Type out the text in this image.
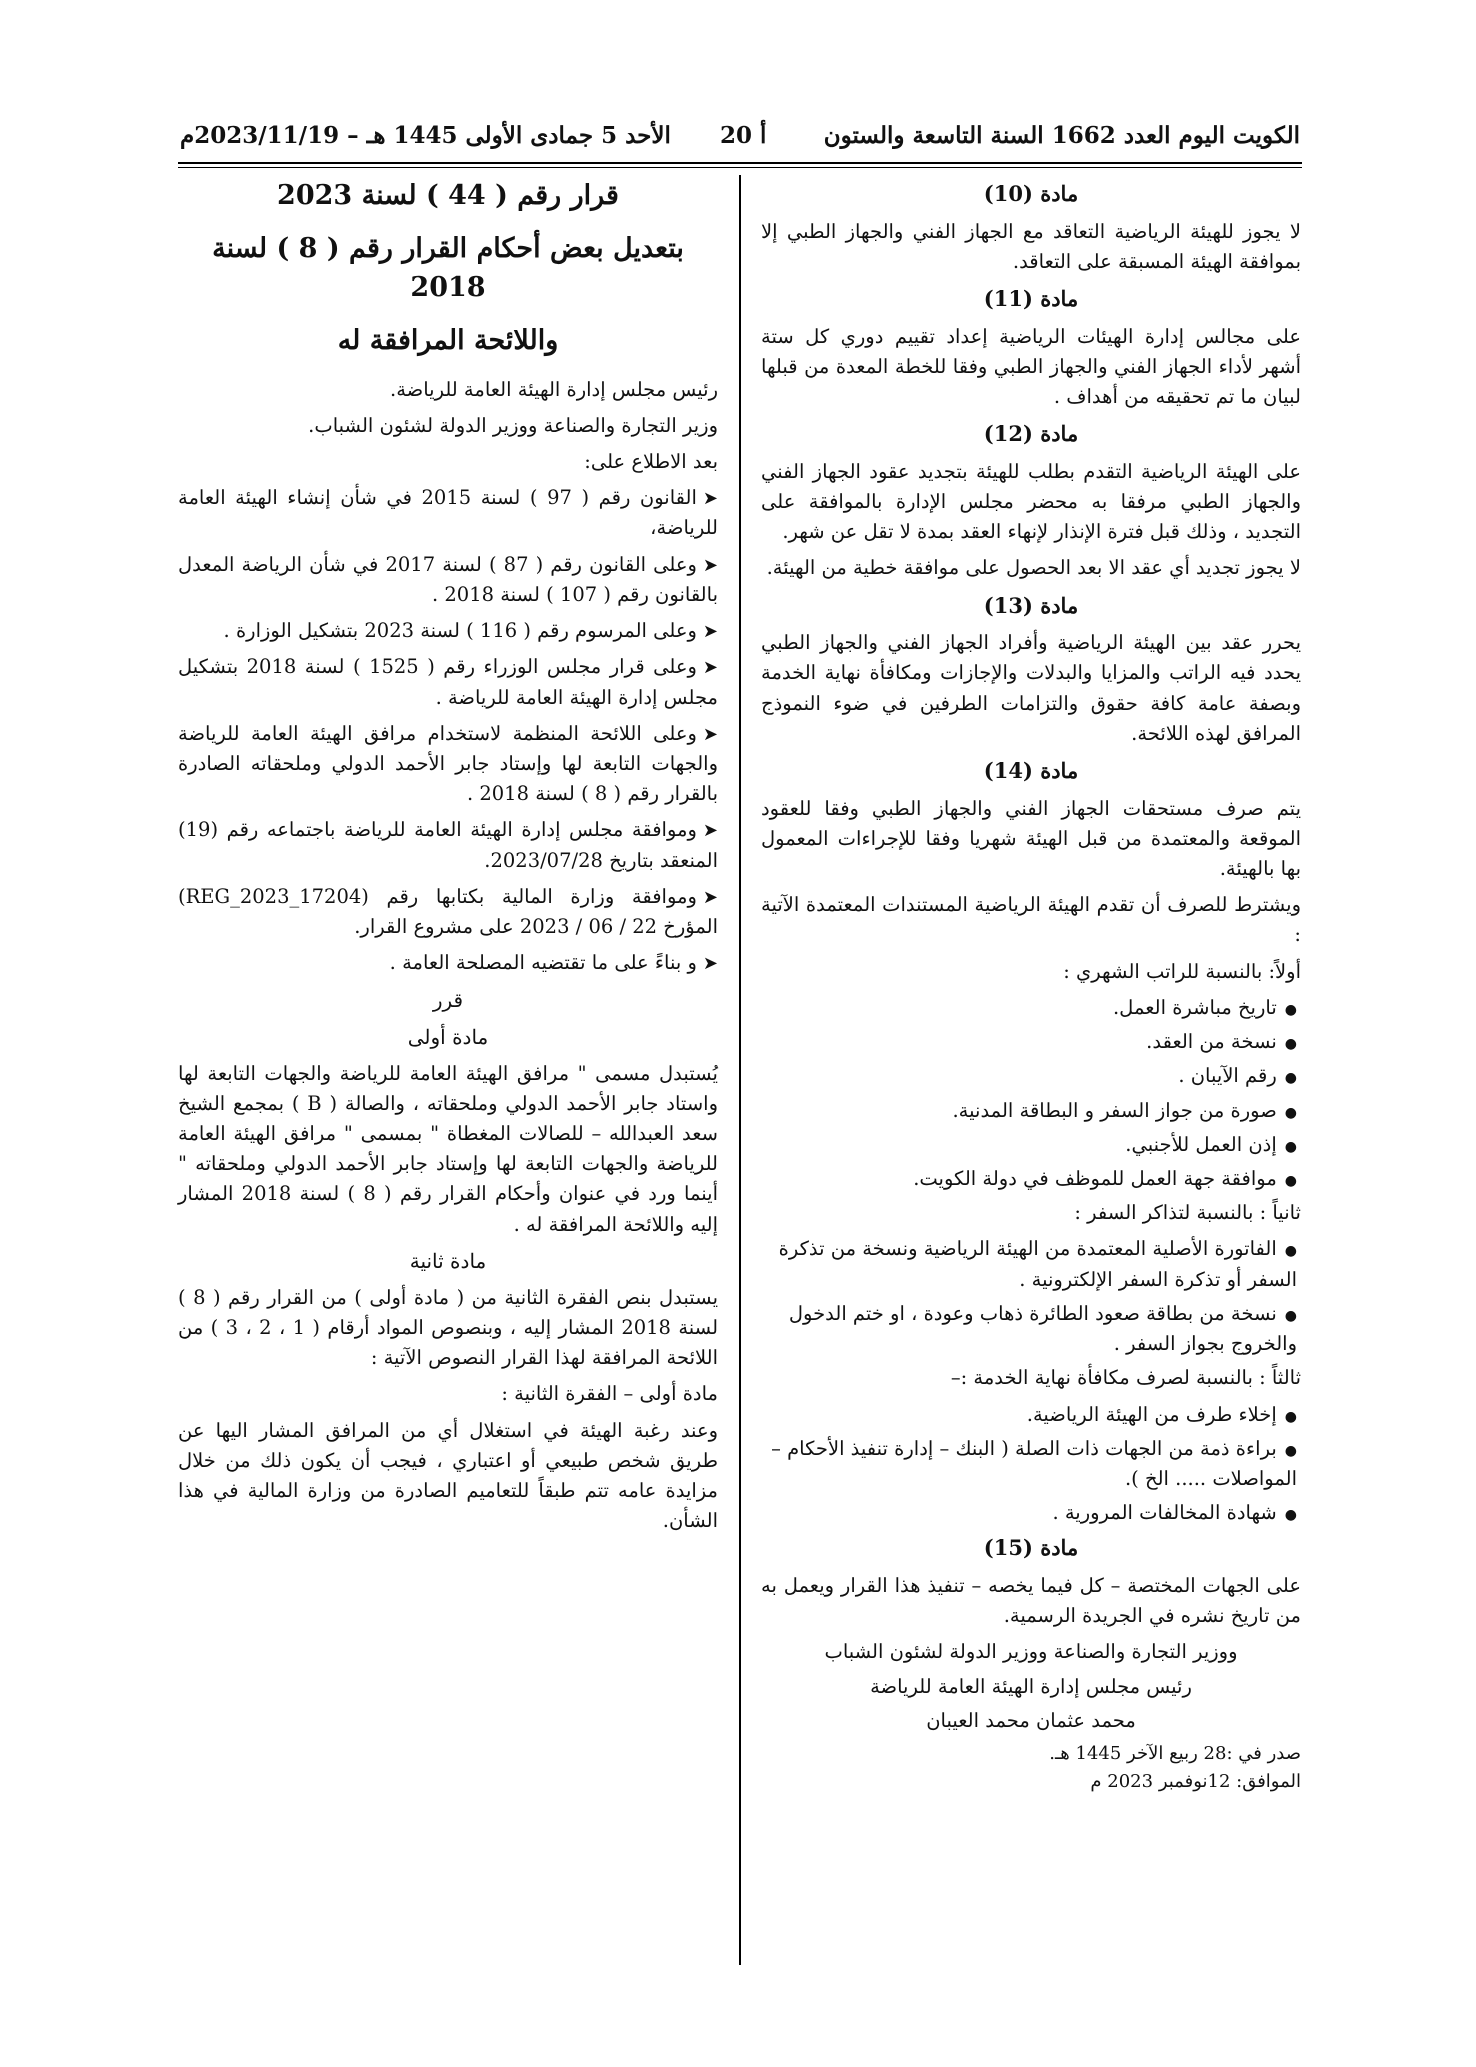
الكويت اليوم العدد 1662 السنة التاسعة والستون
أ 20
الأحد 5 جمادى الأولى 1445 هـ – 2023/11/19م
مادة (10)
لا يجوز للهيئة الرياضية التعاقد مع الجهاز الفني والجهاز الطبي إلا بموافقة الهيئة المسبقة على التعاقد.
مادة (11)
على مجالس إدارة الهيئات الرياضية إعداد تقييم دوري كل ستة أشهر لأداء الجهاز الفني والجهاز الطبي وفقا للخطة المعدة من قبلها لبيان ما تم تحقيقه من أهداف .
مادة (12)
على الهيئة الرياضية التقدم بطلب للهيئة بتجديد عقود الجهاز الفني والجهاز الطبي مرفقا به محضر مجلس الإدارة بالموافقة على التجديد ، وذلك قبل فترة الإنذار لإنهاء العقد بمدة لا تقل عن شهر.
لا يجوز تجديد أي عقد الا بعد الحصول على موافقة خطية من الهيئة.
مادة (13)
يحرر عقد بين الهيئة الرياضية وأفراد الجهاز الفني والجهاز الطبي يحدد فيه الراتب والمزايا والبدلات والإجازات ومكافأة نهاية الخدمة وبصفة عامة كافة حقوق والتزامات الطرفين في ضوء النموذج المرافق لهذه اللائحة.
مادة (14)
يتم صرف مستحقات الجهاز الفني والجهاز الطبي وفقا للعقود الموقعة والمعتمدة من قبل الهيئة شهريا وفقا للإجراءات المعمول بها بالهيئة.
ويشترط للصرف أن تقدم الهيئة الرياضية المستندات المعتمدة الآتية :
أولاً: بالنسبة للراتب الشهري :
● تاريخ مباشرة العمل.
● نسخة من العقد.
● رقم الآيبان .
● صورة من جواز السفر و البطاقة المدنية.
● إذن العمل للأجنبي.
● موافقة جهة العمل للموظف في دولة الكويت.
ثانياً : بالنسبة لتذاكر السفر :
● الفاتورة الأصلية المعتمدة من الهيئة الرياضية ونسخة من تذكرة السفر أو تذكرة السفر الإلكترونية .
● نسخة من بطاقة صعود الطائرة ذهاب وعودة ، او ختم الدخول والخروج بجواز السفر .
ثالثاً : بالنسبة لصرف مكافأة نهاية الخدمة :–
● إخلاء طرف من الهيئة الرياضية.
● براءة ذمة من الجهات ذات الصلة ( البنك – إدارة تنفيذ الأحكام – المواصلات ..... الخ ).
● شهادة المخالفات المرورية .
مادة (15)
على الجهات المختصة – كل فيما يخصه – تنفيذ هذا القرار ويعمل به من تاريخ نشره في الجريدة الرسمية.
ووزير التجارة والصناعة ووزير الدولة لشئون الشباب
رئيس مجلس إدارة الهيئة العامة للرياضة
محمد عثمان محمد العيبان
صدر في :28 ربيع الآخر 1445 هـ.
الموافق: 12نوفمبر 2023 م
قرار رقم ( 44 ) لسنة 2023
بتعديل بعض أحكام القرار رقم ( 8 ) لسنة 2018
واللائحة المرافقة له
رئيس مجلس إدارة الهيئة العامة للرياضة.
وزير التجارة والصناعة ووزير الدولة لشئون الشباب.
بعد الاطلاع على:
➤ القانون رقم ( 97 ) لسنة 2015 في شأن إنشاء الهيئة العامة للرياضة،
➤ وعلى القانون رقم ( 87 ) لسنة 2017 في شأن الرياضة المعدل بالقانون رقم ( 107 ) لسنة 2018 .
➤ وعلى المرسوم رقم ( 116 ) لسنة 2023 بتشكيل الوزارة .
➤ وعلى قرار مجلس الوزراء رقم ( 1525 ) لسنة 2018 بتشكيل مجلس إدارة الهيئة العامة للرياضة .
➤ وعلى اللائحة المنظمة لاستخدام مرافق الهيئة العامة للرياضة والجهات التابعة لها وإستاد جابر الأحمد الدولي وملحقاته الصادرة بالقرار رقم ( 8 ) لسنة 2018 .
➤ وموافقة مجلس إدارة الهيئة العامة للرياضة باجتماعه رقم (19) المنعقد بتاريخ 2023/07/28.
➤ وموافقة وزارة المالية بكتابها رقم (REG_2023_17204) المؤرخ 22 / 06 / 2023 على مشروع القرار.
➤ و بناءً على ما تقتضيه المصلحة العامة .
قرر
مادة أولى
يُستبدل مسمى " مرافق الهيئة العامة للرياضة والجهات التابعة لها واستاد جابر الأحمد الدولي وملحقاته ، والصالة ( B ) بمجمع الشيخ سعد العبدالله – للصالات المغطاة " بمسمى " مرافق الهيئة العامة للرياضة والجهات التابعة لها وإستاد جابر الأحمد الدولي وملحقاته " أينما ورد في عنوان وأحكام القرار رقم ( 8 ) لسنة 2018 المشار إليه واللائحة المرافقة له .
مادة ثانية
يستبدل بنص الفقرة الثانية من ( مادة أولى ) من القرار رقم ( 8 ) لسنة 2018 المشار إليه ، وبنصوص المواد أرقام ( 1 ، 2 ، 3 ) من اللائحة المرافقة لهذا القرار النصوص الآتية :
مادة أولى – الفقرة الثانية :
وعند رغبة الهيئة في استغلال أي من المرافق المشار اليها عن طريق شخص طبيعي أو اعتباري ، فيجب أن يكون ذلك من خلال مزايدة عامه تتم طبقاً للتعاميم الصادرة من وزارة المالية في هذا الشأن.
